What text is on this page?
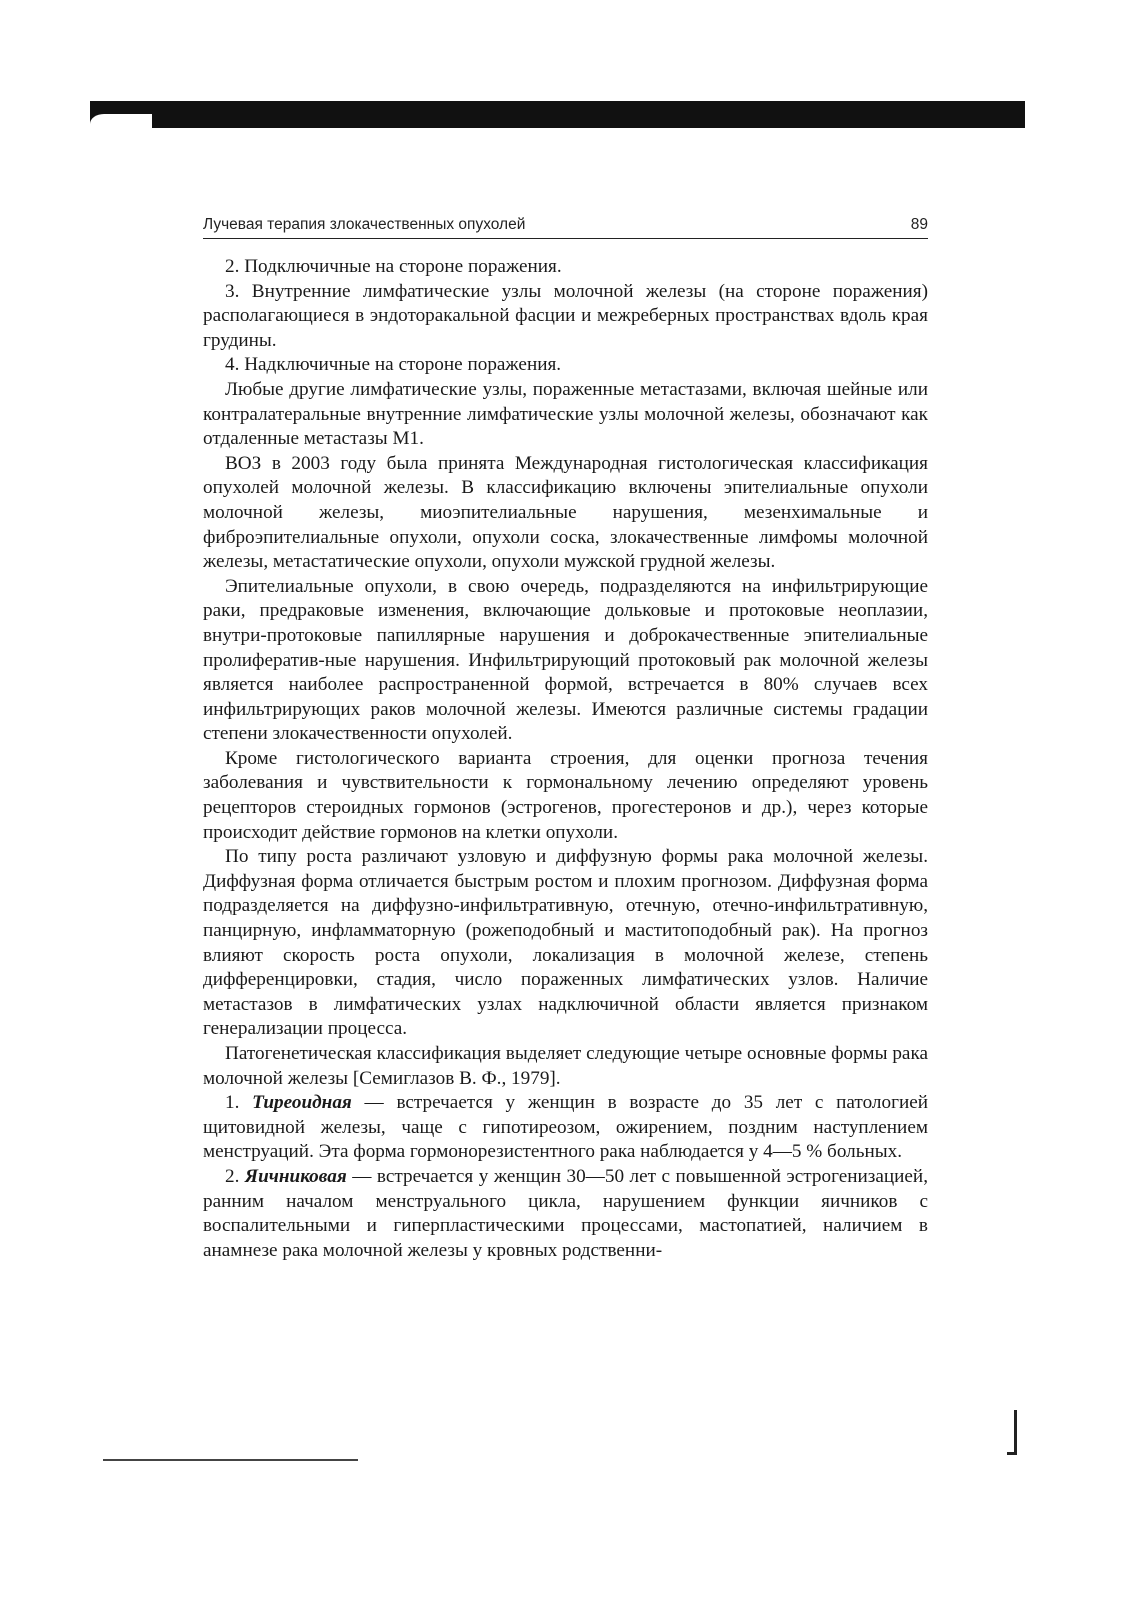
Лучевая терапия злокачественных опухолей	89

2. Подключичные на стороне поражения.

3. Внутренние лимфатические узлы молочной железы (на стороне поражения) располагающиеся в эндоторакальной фасции и межреберных пространствах вдоль края грудины.

4. Надключичные на стороне поражения.

Любые другие лимфатические узлы, пораженные метастазами, включая шейные или контралатеральные внутренние лимфатические узлы молочной железы, обозначают как отдаленные метастазы M1.

ВОЗ в 2003 году была принята Международная гистологическая классификация опухолей молочной железы. В классификацию включены эпителиальные опухоли молочной железы, миоэпителиальные нарушения, мезенхимальные и фиброэпителиальные опухоли, опухоли соска, злокачественные лимфомы молочной железы, метастатические опухоли, опухоли мужской грудной железы.

Эпителиальные опухоли, в свою очередь, подразделяются на инфильтрирующие раки, предраковые изменения, включающие дольковые и протоковые неоплазии, внутри-протоковые папиллярные нарушения и доброкачественные эпителиальные пролифератив-ные нарушения. Инфильтрирующий протоковый рак молочной железы является наиболее распространенной формой, встречается в 80% случаев всех инфильтрирующих раков молочной железы. Имеются различные системы градации степени злокачественности опухолей.

Кроме гистологического варианта строения, для оценки прогноза течения заболевания и чувствительности к гормональному лечению определяют уровень рецепторов стероидных гормонов (эстрогенов, прогестеронов и др.), через которые происходит действие гормонов на клетки опухоли.

По типу роста различают узловую и диффузную формы рака молочной железы. Диффузная форма отличается быстрым ростом и плохим прогнозом. Диффузная форма подразделяется на диффузно-инфильтративную, отечную, отечно-инфильтративную, панцирную, инфламматорную (рожеподобный и маститоподобный рак). На прогноз влияют скорость роста опухоли, локализация в молочной железе, степень дифференцировки, стадия, число пораженных лимфатических узлов. Наличие метастазов в лимфатических узлах надключичной области является признаком генерализации процесса.

Патогенетическая классификация выделяет следующие четыре основные формы рака молочной железы [Семиглазов В. Ф., 1979].

1. Тиреоидная — встречается у женщин в возрасте до 35 лет с патологией щитовидной железы, чаще с гипотиреозом, ожирением, поздним наступлением менструаций. Эта форма гормонорезистентного рака наблюдается у 4—5 % больных.

2. Яичниковая — встречается у женщин 30—50 лет с повышенной эстрогенизацией, ранним началом менструального цикла, нарушением функции яичников с воспалительными и гиперпластическими процессами, мастопатией, наличием в анамнезе рака молочной железы у кровных родственни-
